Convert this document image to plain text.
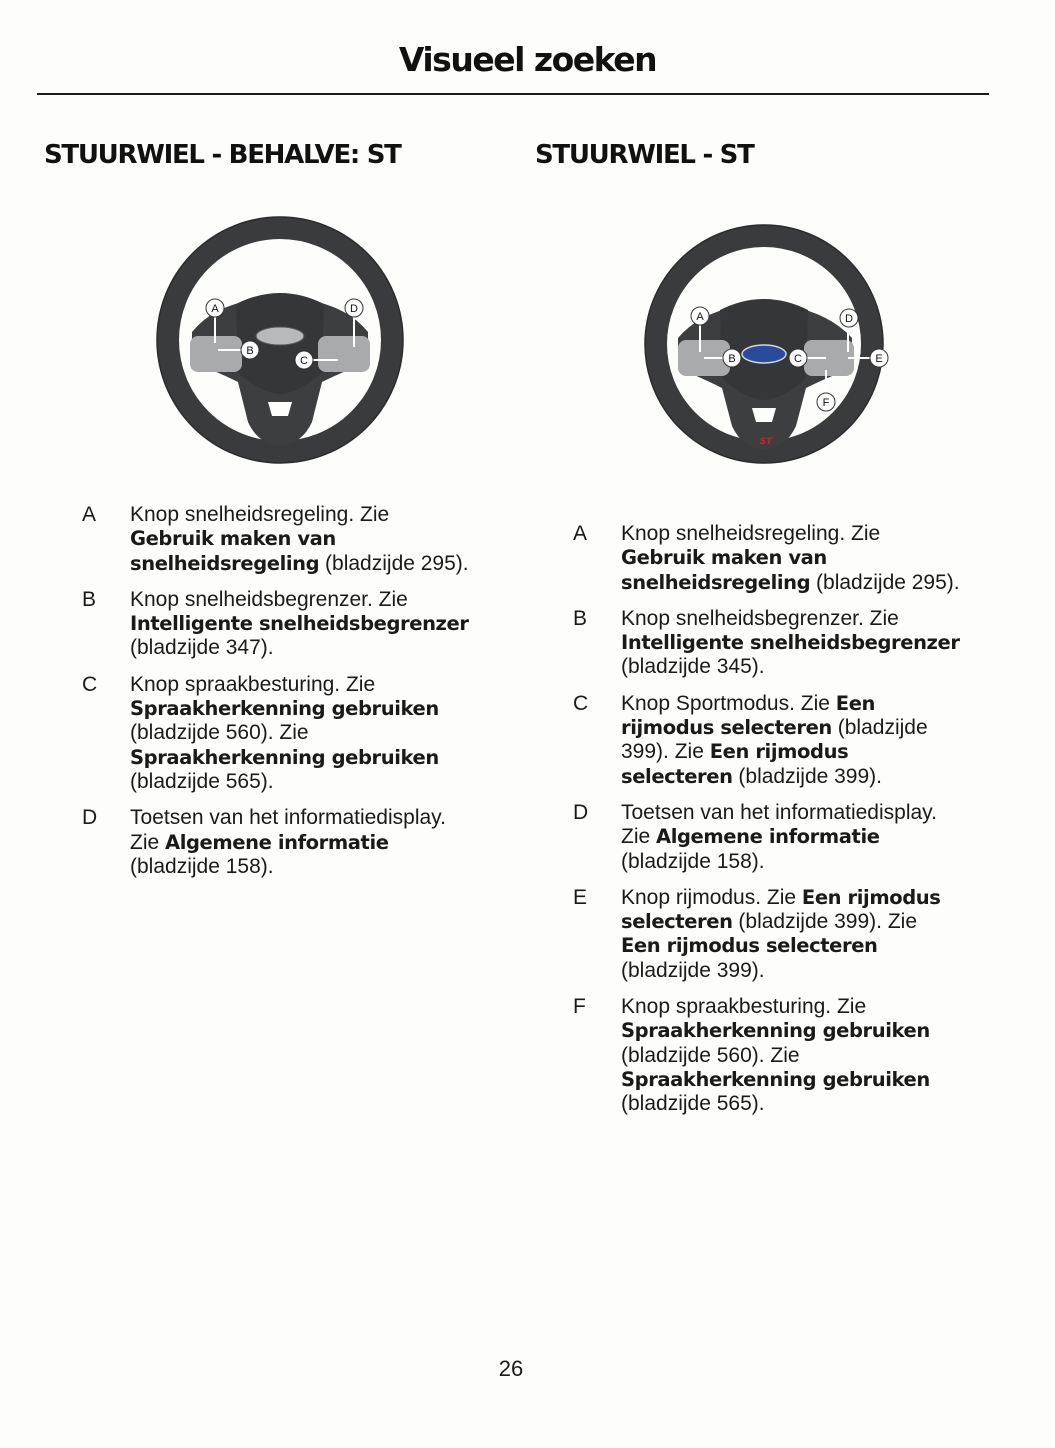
Visueel zoeken
STUURWIEL - BEHALVE: ST
A
B
C
D
A	Knop snelheidsregeling. Zie Gebruik maken van snelheidsregeling (bladzijde 295).
B	Knop snelheidsbegrenzer. Zie Intelligente snelheidsbegrenzer (bladzijde 347).
C	Knop spraakbesturing. Zie Spraakherkenning gebruiken (bladzijde 560). Zie Spraakherkenning gebruiken (bladzijde 565).
D	Toetsen van het informatiedisplay. Zie Algemene informatie (bladzijde 158).
STUURWIEL - ST
ST
A
B	C
D
E
F
A	Knop snelheidsregeling. Zie Gebruik maken van snelheidsregeling (bladzijde 295).
B	Knop snelheidsbegrenzer. Zie Intelligente snelheidsbegrenzer (bladzijde 345).
C	Knop Sportmodus. Zie Een rijmodus selecteren (bladzijde 399). Zie Een rijmodus selecteren (bladzijde 399).
D	Toetsen van het informatiedisplay. Zie Algemene informatie (bladzijde 158).
E	Knop rijmodus. Zie Een rijmodus selecteren (bladzijde 399). Zie Een rijmodus selecteren (bladzijde 399).
F	Knop spraakbesturing. Zie Spraakherkenning gebruiken (bladzijde 560). Zie Spraakherkenning gebruiken (bladzijde 565).
26
